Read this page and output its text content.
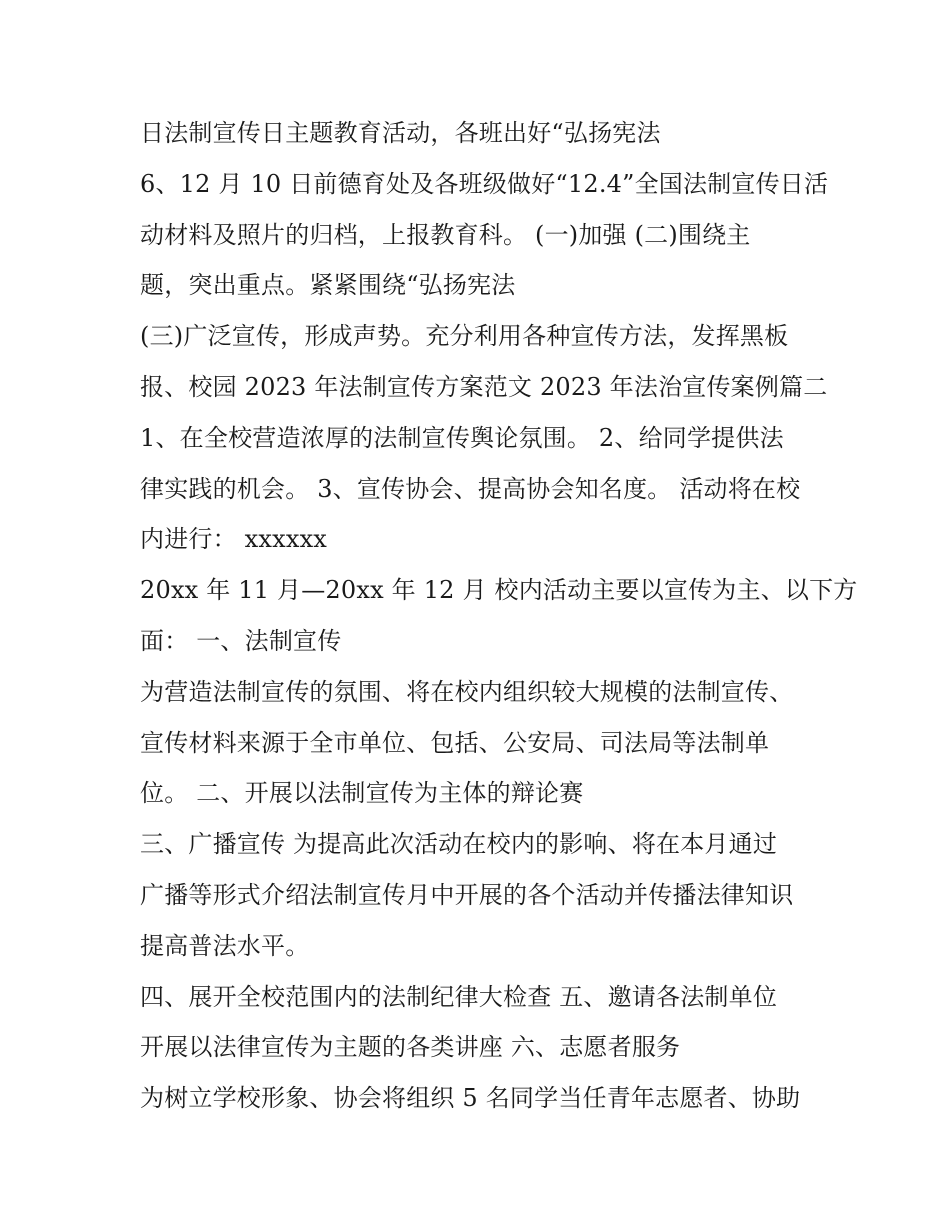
日法制宣传日主题教育活动，各班出好“弘扬宪法
6、12 月 10 日前德育处及各班级做好“12.4”全国法制宣传日活
动材料及照片的归档，上报教育科。 (一)加强 (二)围绕主
题，突出重点。紧紧围绕“弘扬宪法
(三)广泛宣传，形成声势。充分利用各种宣传方法，发挥黑板
报、校园 2023 年法制宣传方案范文 2023 年法治宣传案例篇二
1、在全校营造浓厚的法制宣传舆论氛围。 2、给同学提供法
律实践的机会。 3、宣传协会、提高协会知名度。 活动将在校
内进行： xxxxxx
20xx 年 11 月—20xx 年 12 月 校内活动主要以宣传为主、以下方
面： 一、法制宣传
为营造法制宣传的氛围、将在校内组织较大规模的法制宣传、
宣传材料来源于全市单位、包括、公安局、司法局等法制单
位。 二、开展以法制宣传为主体的辩论赛
三、广播宣传 为提高此次活动在校内的影响、将在本月通过
广播等形式介绍法制宣传月中开展的各个活动并传播法律知识
提高普法水平。
四、展开全校范围内的法制纪律大检查 五、邀请各法制单位
开展以法律宣传为主题的各类讲座 六、志愿者服务
为树立学校形象、协会将组织 5 名同学当任青年志愿者、协助
